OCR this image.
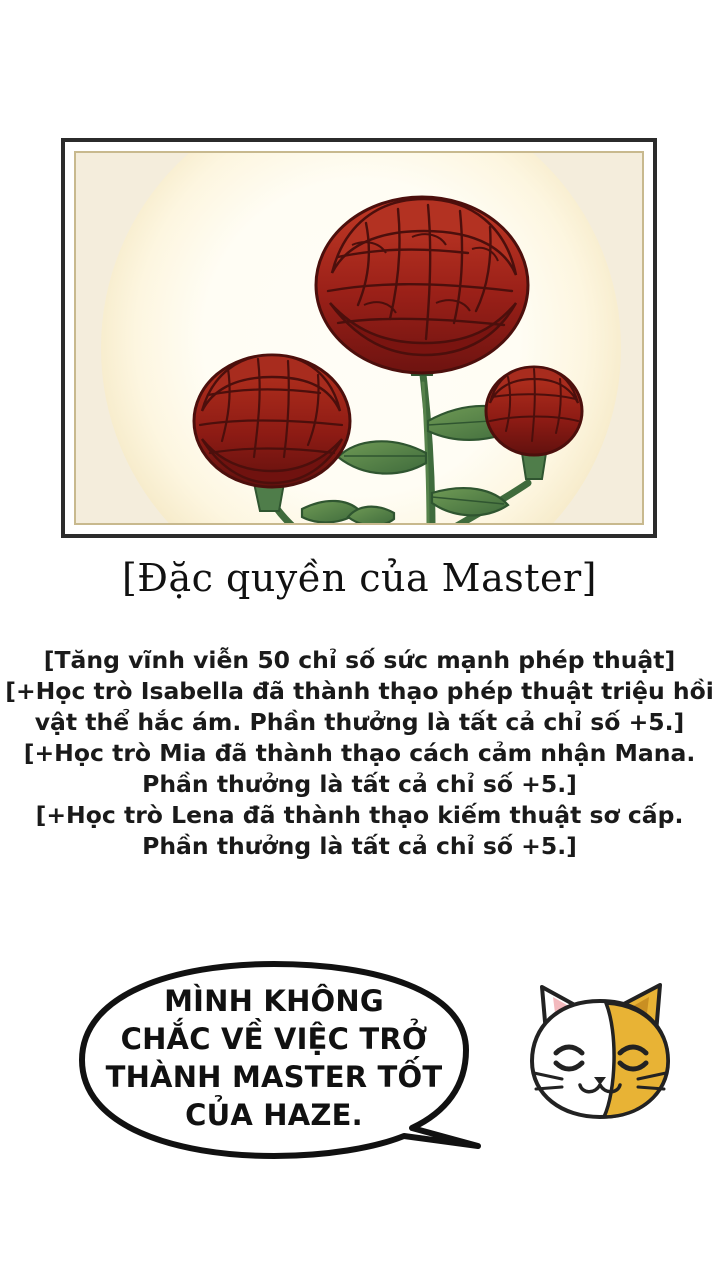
[Đặc quyền của Master]
[Tăng vĩnh viễn 50 chỉ số sức mạnh phép thuật]
[+Học trò Isabella đã thành thạo phép thuật triệu hồi
vật thể hắc ám. Phần thưởng là tất cả chỉ số +5.]
[+Học trò Mia đã thành thạo cách cảm nhận Mana.
Phần thưởng là tất cả chỉ số +5.]
[+Học trò Lena đã thành thạo kiếm thuật sơ cấp.
Phần thưởng là tất cả chỉ số +5.]
MÌNH KHÔNG
CHẮC VỀ VIỆC TRỞ
THÀNH MASTER TỐT
CỦA HAZE.
